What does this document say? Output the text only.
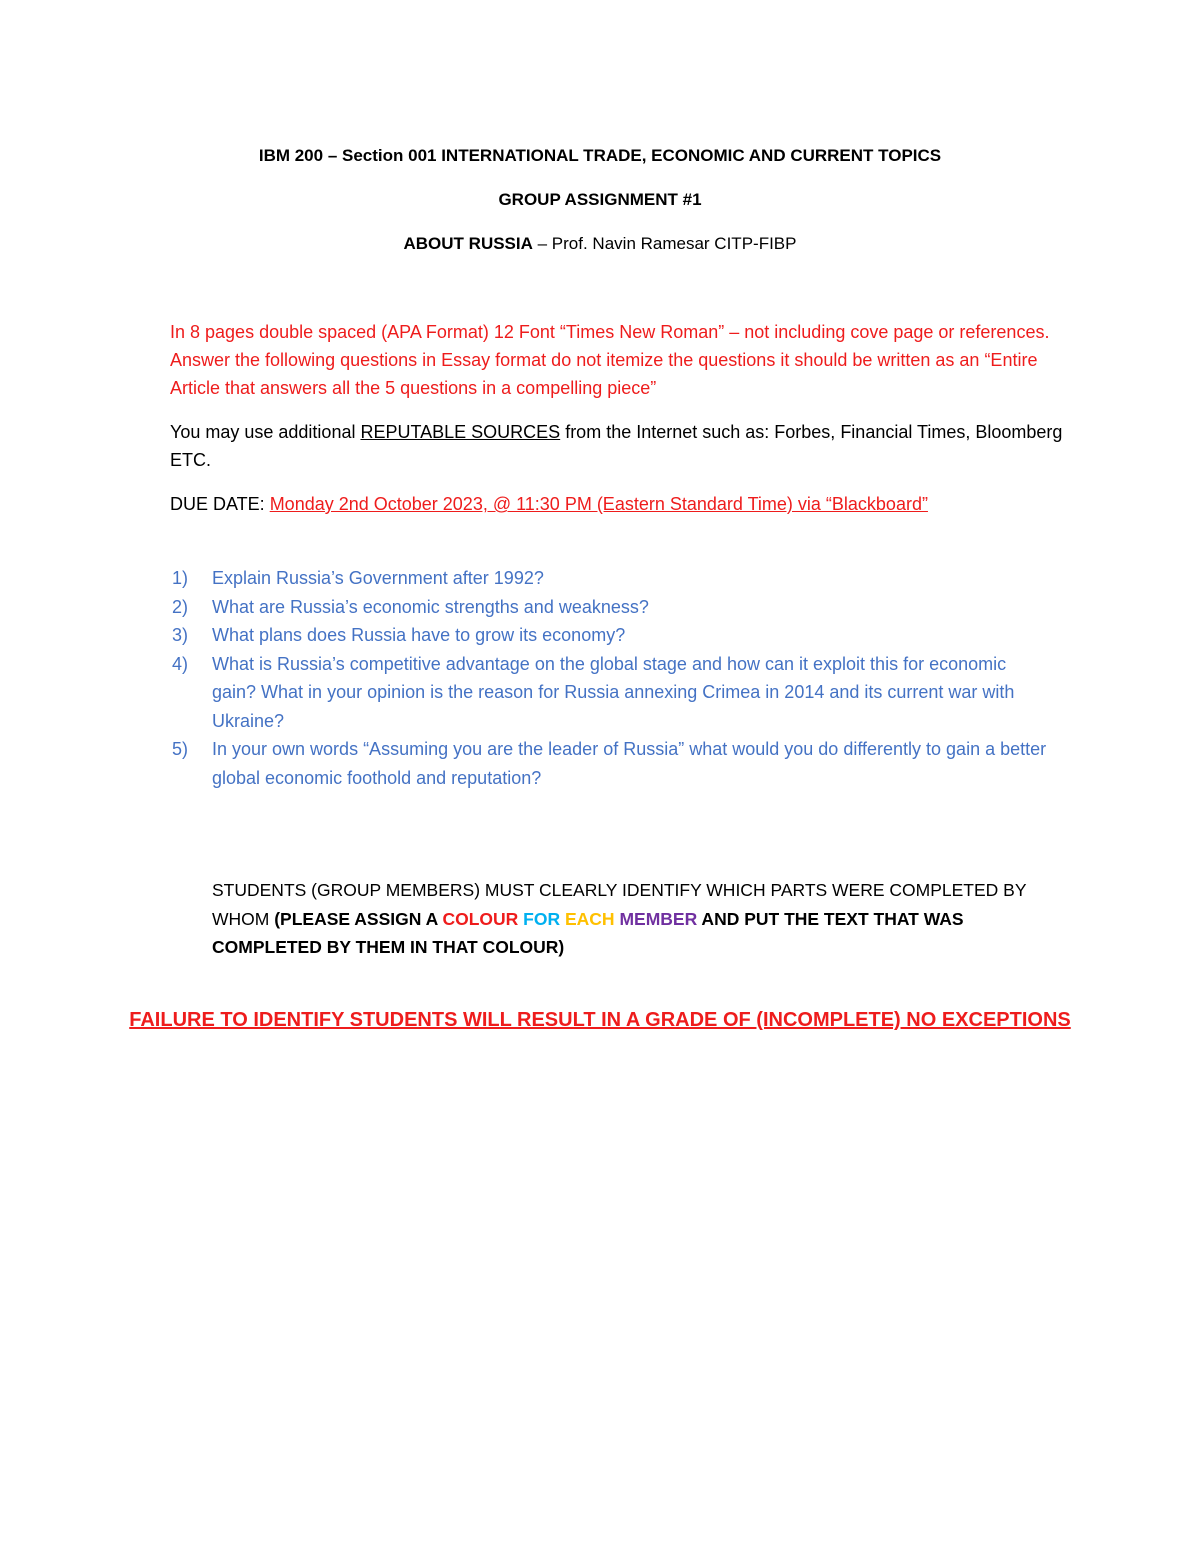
IBM 200 – Section 001 INTERNATIONAL TRADE, ECONOMIC AND CURRENT TOPICS
GROUP ASSIGNMENT #1
ABOUT RUSSIA – Prof. Navin Ramesar CITP-FIBP
In 8 pages double spaced (APA Format) 12 Font “Times New Roman” – not including cove page or references. Answer the following questions in Essay format do not itemize the questions it should be written as an “Entire Article that answers all the 5 questions in a compelling piece”
You may use additional REPUTABLE SOURCES from the Internet such as: Forbes, Financial Times, Bloomberg ETC.
DUE DATE: Monday 2nd October 2023, @ 11:30 PM (Eastern Standard Time) via “Blackboard”
1)	Explain Russia’s Government after 1992?
2)	What are Russia’s economic strengths and weakness?
3)	What plans does Russia have to grow its economy?
4)	What is Russia’s competitive advantage on the global stage and how can it exploit this for economic gain? What in your opinion is the reason for Russia annexing Crimea in 2014 and its current war with Ukraine?
5)	In your own words “Assuming you are the leader of Russia” what would you do differently to gain a better global economic foothold and reputation?
STUDENTS (GROUP MEMBERS) MUST CLEARLY IDENTIFY WHICH PARTS WERE COMPLETED BY WHOM (PLEASE ASSIGN A COLOUR FOR EACH MEMBER AND PUT THE TEXT THAT WAS COMPLETED BY THEM IN THAT COLOUR)
FAILURE TO IDENTIFY STUDENTS WILL RESULT IN A GRADE OF (INCOMPLETE) NO EXCEPTIONS
